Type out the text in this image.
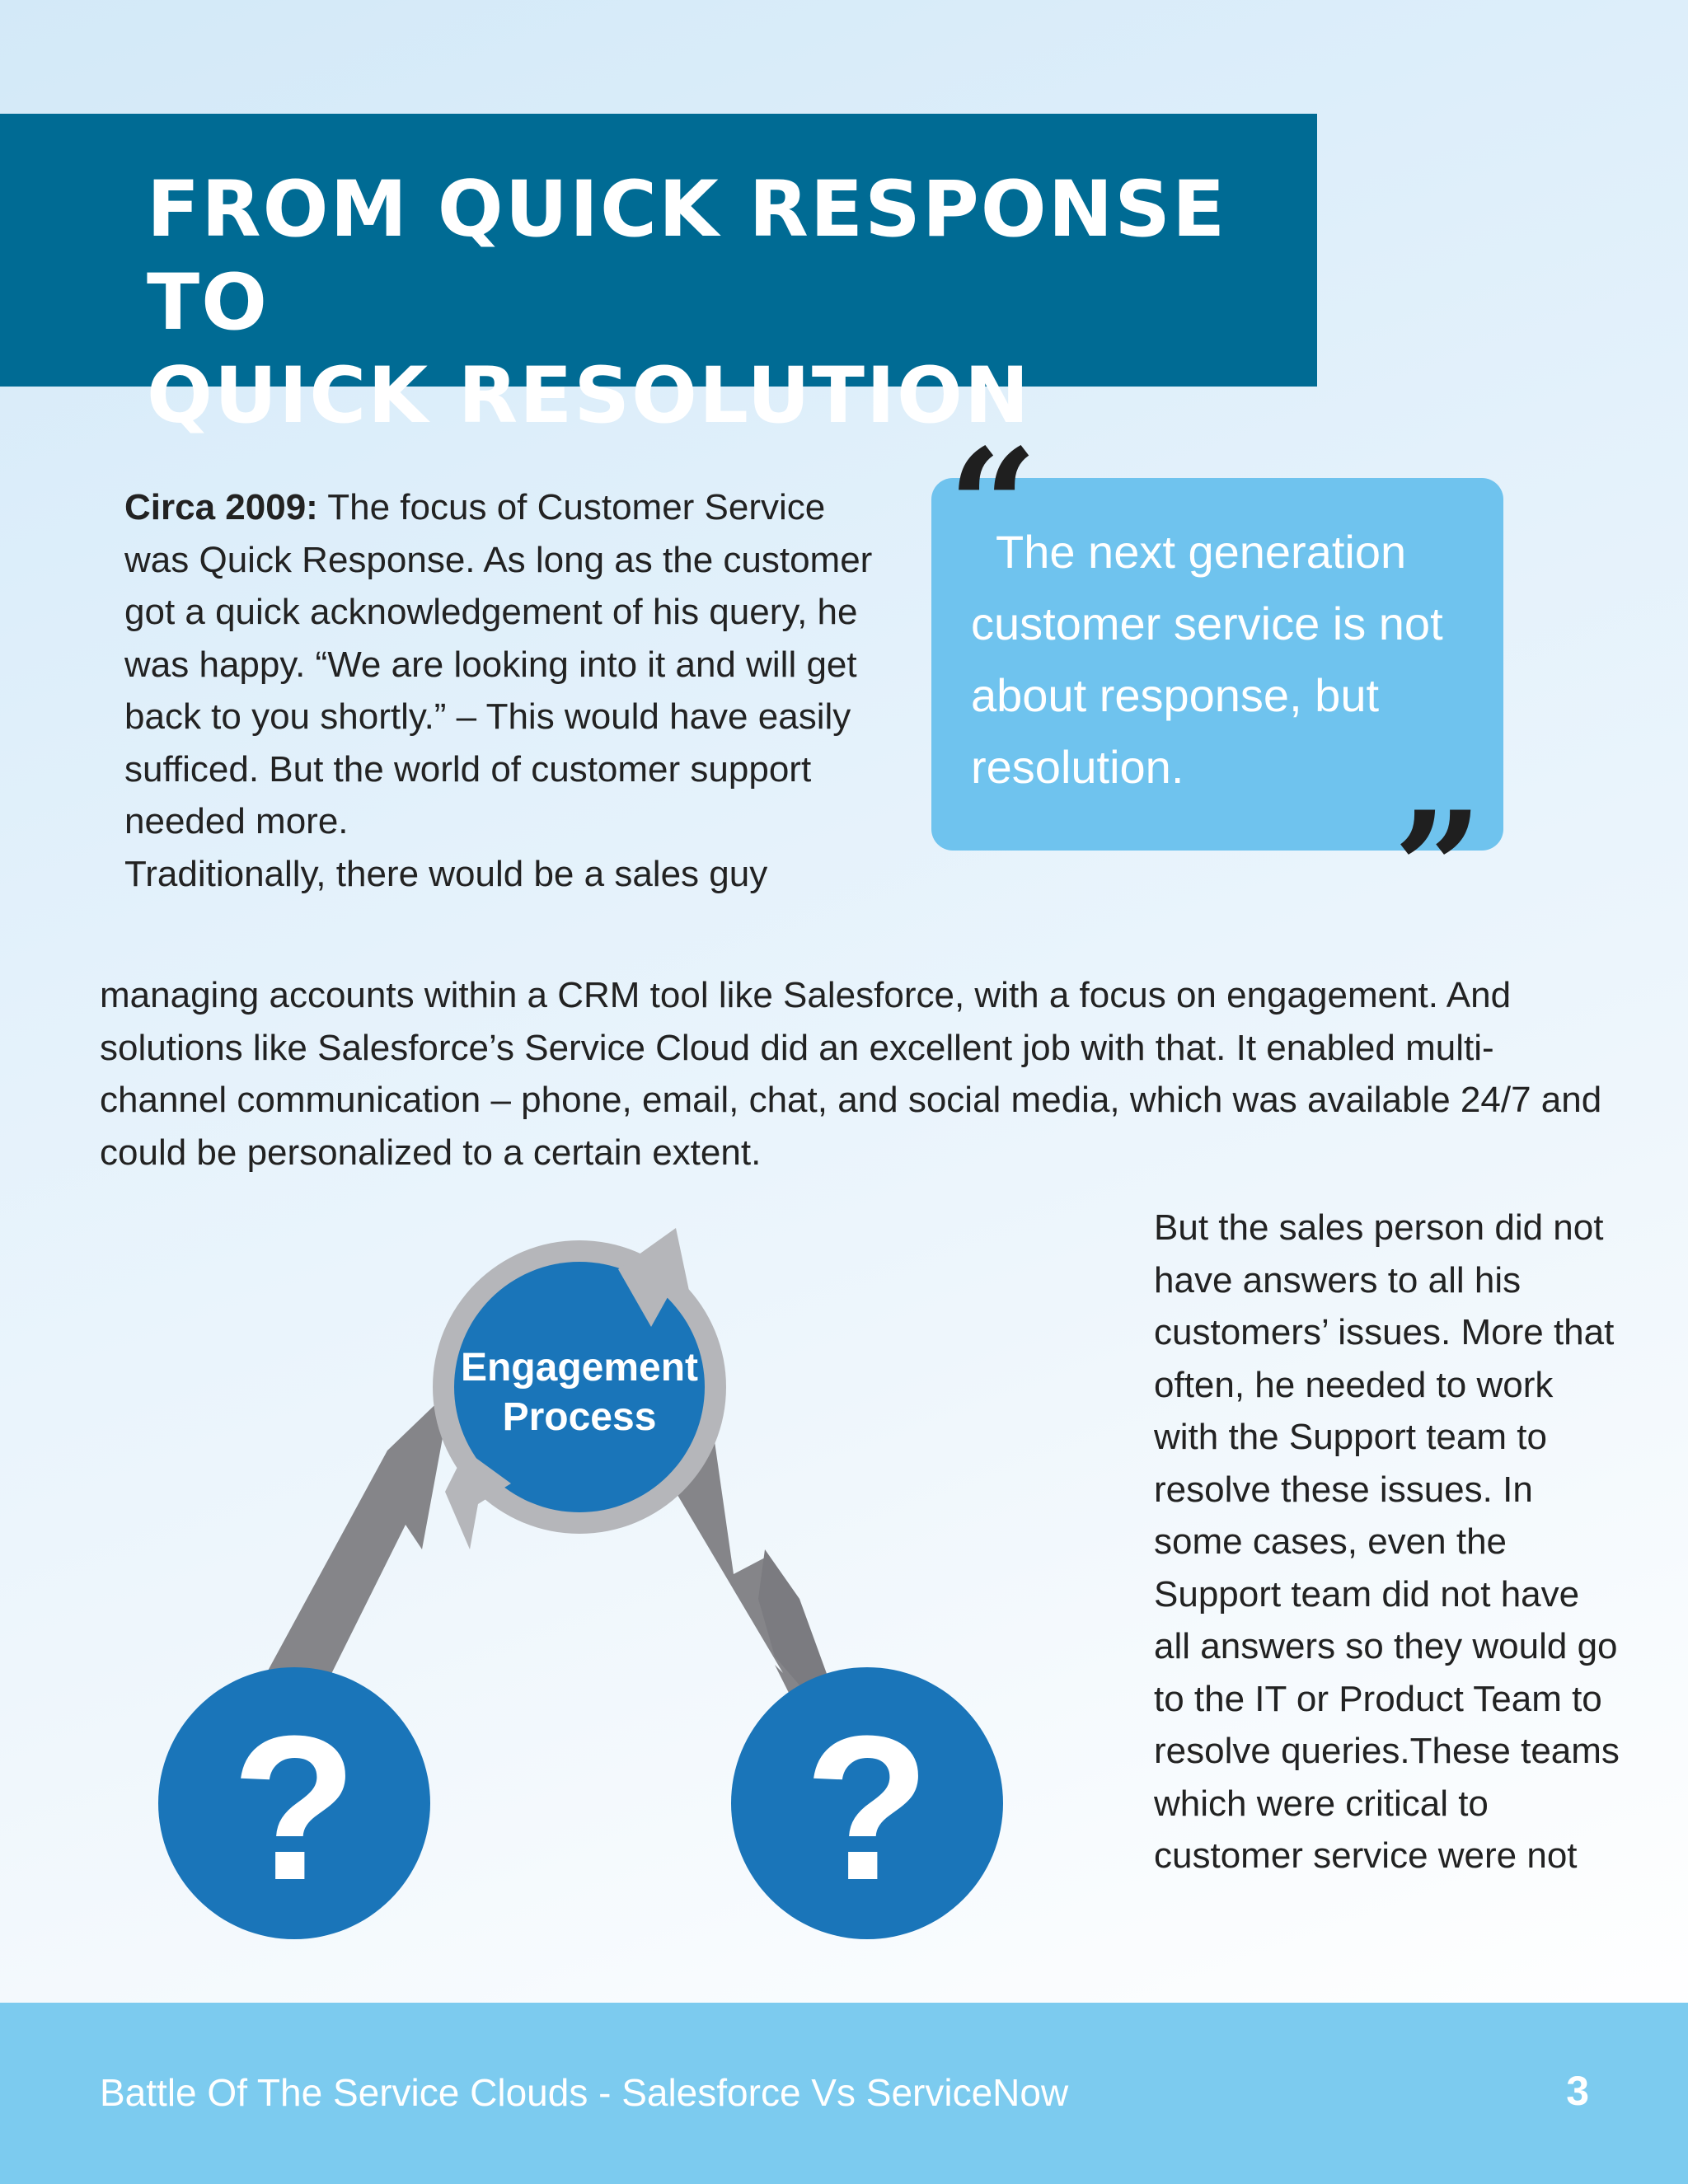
FROM QUICK RESPONSE TO
QUICK RESOLUTION
Circa 2009: The focus of Customer Service was Quick Response. As long as the customer got a quick acknowledgement of his query, he was happy. “We are looking into it and will get back to you shortly.” – This would have easily sufficed. But the world of customer support needed more.
Traditionally, there would be a sales guy

The next generation
customer service is not about response, but resolution.

“
”
managing accounts within a CRM tool like Salesforce, with a focus on engagement. And solutions like Salesforce’s Service Cloud did an excellent job with that. It enabled multi-channel communication – phone, email, chat, and social media, which was available 24/7 and could be personalized to a certain extent.
But the sales person did not have answers to all his customers’ issues. More that often, he needed to work with the Support team to resolve these issues. In some cases, even the Support team did not have all answers so they would go to the IT or Product Team to resolve queries.These teams which were critical to customer service were not
? ?
Engagement
Process
Battle Of The Service Clouds - Salesforce Vs ServiceNow	3
